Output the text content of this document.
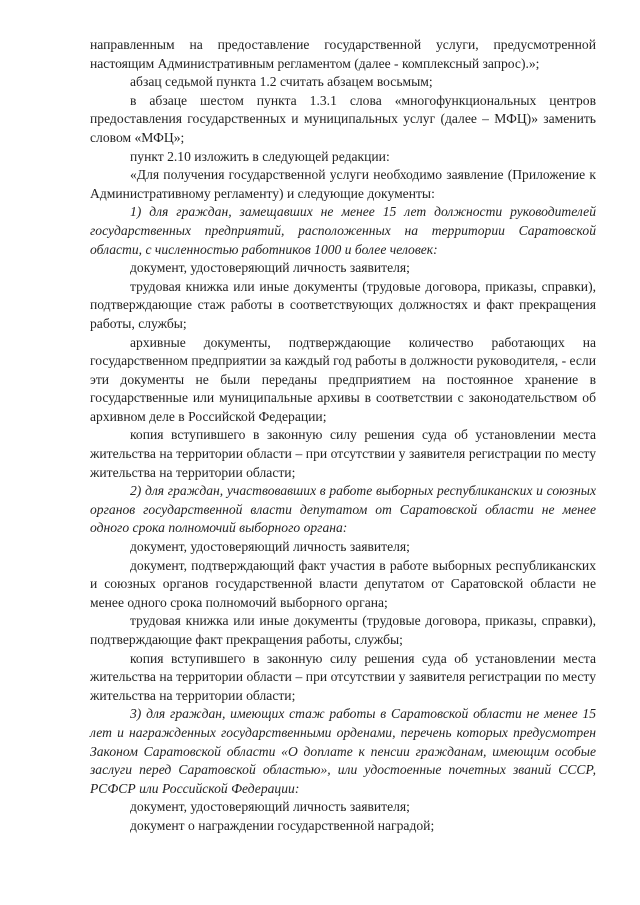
направленным на предоставление государственной услуги, предусмотренной настоящим Административным регламентом (далее - комплексный запрос).»;

абзац седьмой пункта 1.2 считать абзацем восьмым;

в абзаце шестом пункта 1.3.1 слова «многофункциональных центров предоставления государственных и муниципальных услуг (далее – МФЦ)» заменить словом «МФЦ»;

пункт 2.10 изложить в следующей редакции:

«Для получения государственной услуги необходимо заявление (Приложение к Административному регламенту) и следующие документы:

1) для граждан, замещавших не менее 15 лет должности руководителей государственных предприятий, расположенных на территории Саратовской области, с численностью работников 1000 и более человек:

документ, удостоверяющий личность заявителя;

трудовая книжка или иные документы (трудовые договора, приказы, справки), подтверждающие стаж работы в соответствующих должностях и факт прекращения работы, службы;

архивные документы, подтверждающие количество работающих на государственном предприятии за каждый год работы в должности руководителя, - если эти документы не были переданы предприятием на постоянное хранение в государственные или муниципальные архивы в соответствии с законодательством об архивном деле в Российской Федерации;

копия вступившего в законную силу решения суда об установлении места жительства на территории области – при отсутствии у заявителя регистрации по месту жительства на территории области;

2) для граждан, участвовавших в работе выборных республиканских и союзных органов государственной власти депутатом от Саратовской области не менее одного срока полномочий выборного органа:

документ, удостоверяющий личность заявителя;

документ, подтверждающий факт участия в работе выборных республиканских и союзных органов государственной власти депутатом от Саратовской области не менее одного срока полномочий выборного органа;

трудовая книжка или иные документы (трудовые договора, приказы, справки), подтверждающие факт прекращения работы, службы;

копия вступившего в законную силу решения суда об установлении места жительства на территории области – при отсутствии у заявителя регистрации по месту жительства на территории области;

3) для граждан, имеющих стаж работы в Саратовской области не менее 15 лет и награжденных государственными орденами, перечень которых предусмотрен Законом Саратовской области «О доплате к пенсии гражданам, имеющим особые заслуги перед Саратовской областью», или удостоенные почетных званий СССР, РСФСР или Российской Федерации:

документ, удостоверяющий личность заявителя;

документ о награждении государственной наградой;
